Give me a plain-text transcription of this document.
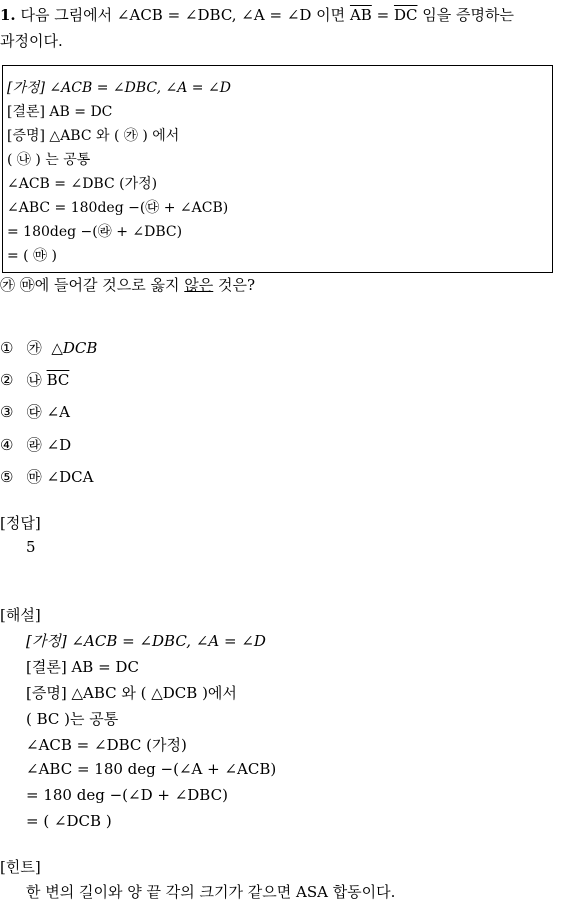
1. 다음 그림에서 ∠ACB = ∠DBC, ∠A = ∠D 이면 $\overline{AB} = \overline{DC}$ 임을 증명하는
과정이다.
[가정] ∠ACB = ∠DBC, ∠A = ∠D
[결론] AB = DC
[증명] △ABC 와 ( ㉮ ) 에서
( ㉯ ) 는 공통
∠ACB = ∠DBC (가정)
∠ABC = 180deg −(㉰ + ∠ACB)
= 180deg −(㉱ + ∠DBC)
= ( ㉲ )
㉮ ㉲에 들어갈 것으로 옳지 않은 것은?
① ㉮ △DCB
② ㉯ $\overline{BC}$
③ ㉰ ∠A
④ ㉱ ∠D
⑤ ㉲ ∠DCA
[정답]
5
[해설]
[가정] ∠ACB = ∠DBC, ∠A = ∠D
[결론] AB = DC
[증명] △ABC 와 ( △DCB )에서
( BC )는 공통
∠ACB = ∠DBC (가정)
∠ABC = 180 deg −(∠A + ∠ACB)
= 180 deg −(∠D + ∠DBC)
= ( ∠DCB )
[힌트]
한 변의 길이와 양 끝 각의 크기가 같으면 ASA 합동이다.
